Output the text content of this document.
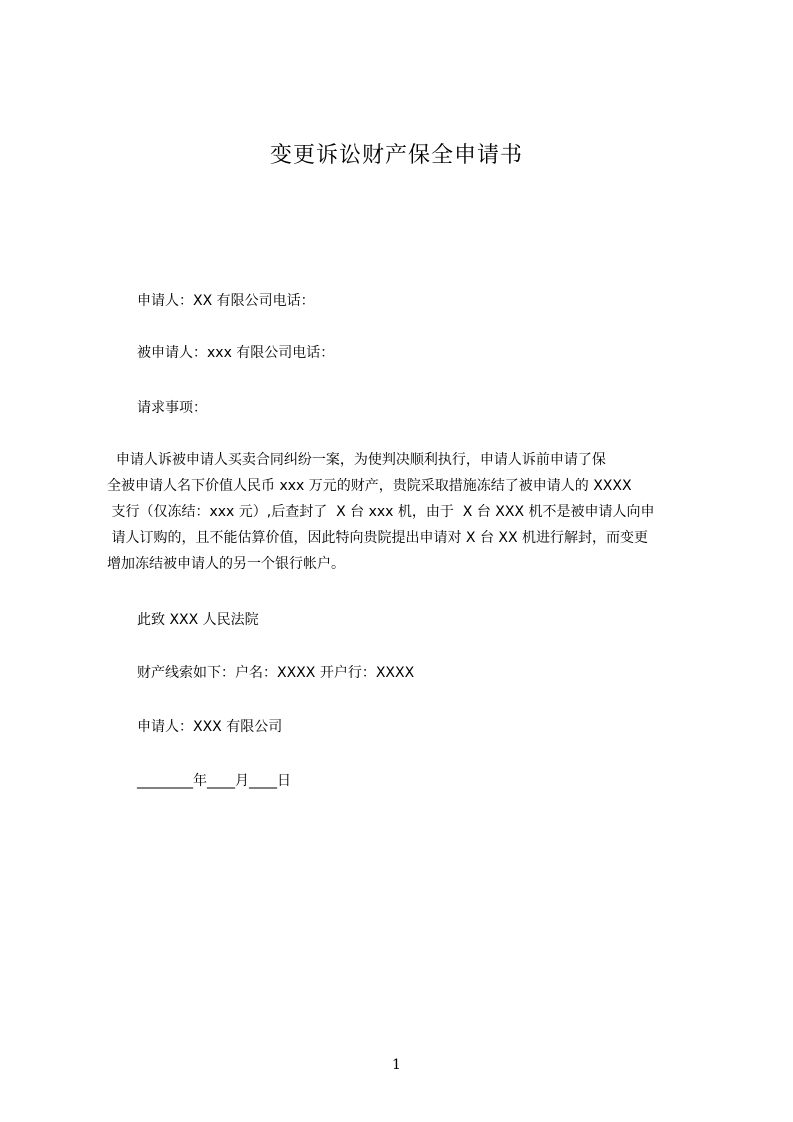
变更诉讼财产保全申请书
申请人：XX 有限公司电话：
被申请人：xxx 有限公司电话：
请求事项：
申请人诉被申请人买卖合同纠纷一案，为使判决顺利执行，申请人诉前申请了保
全被申请人名下价值人民币 xxx 万元的财产，贵院采取措施冻结了被申请人的 XXXX
支行（仅冻结：xxx 元）,后查封了  X 台 xxx 机，由于  X 台 XXX 机不是被申请人向申
请人订购的，且不能估算价值，因此特向贵院提出申请对 X 台 XX 机进行解封，而变更
增加冻结被申请人的另一个银行帐户。
此致 XXX 人民法院
财产线索如下：户名：XXXX 开户行：XXXX
申请人：XXX 有限公司
________年____月____日
1
